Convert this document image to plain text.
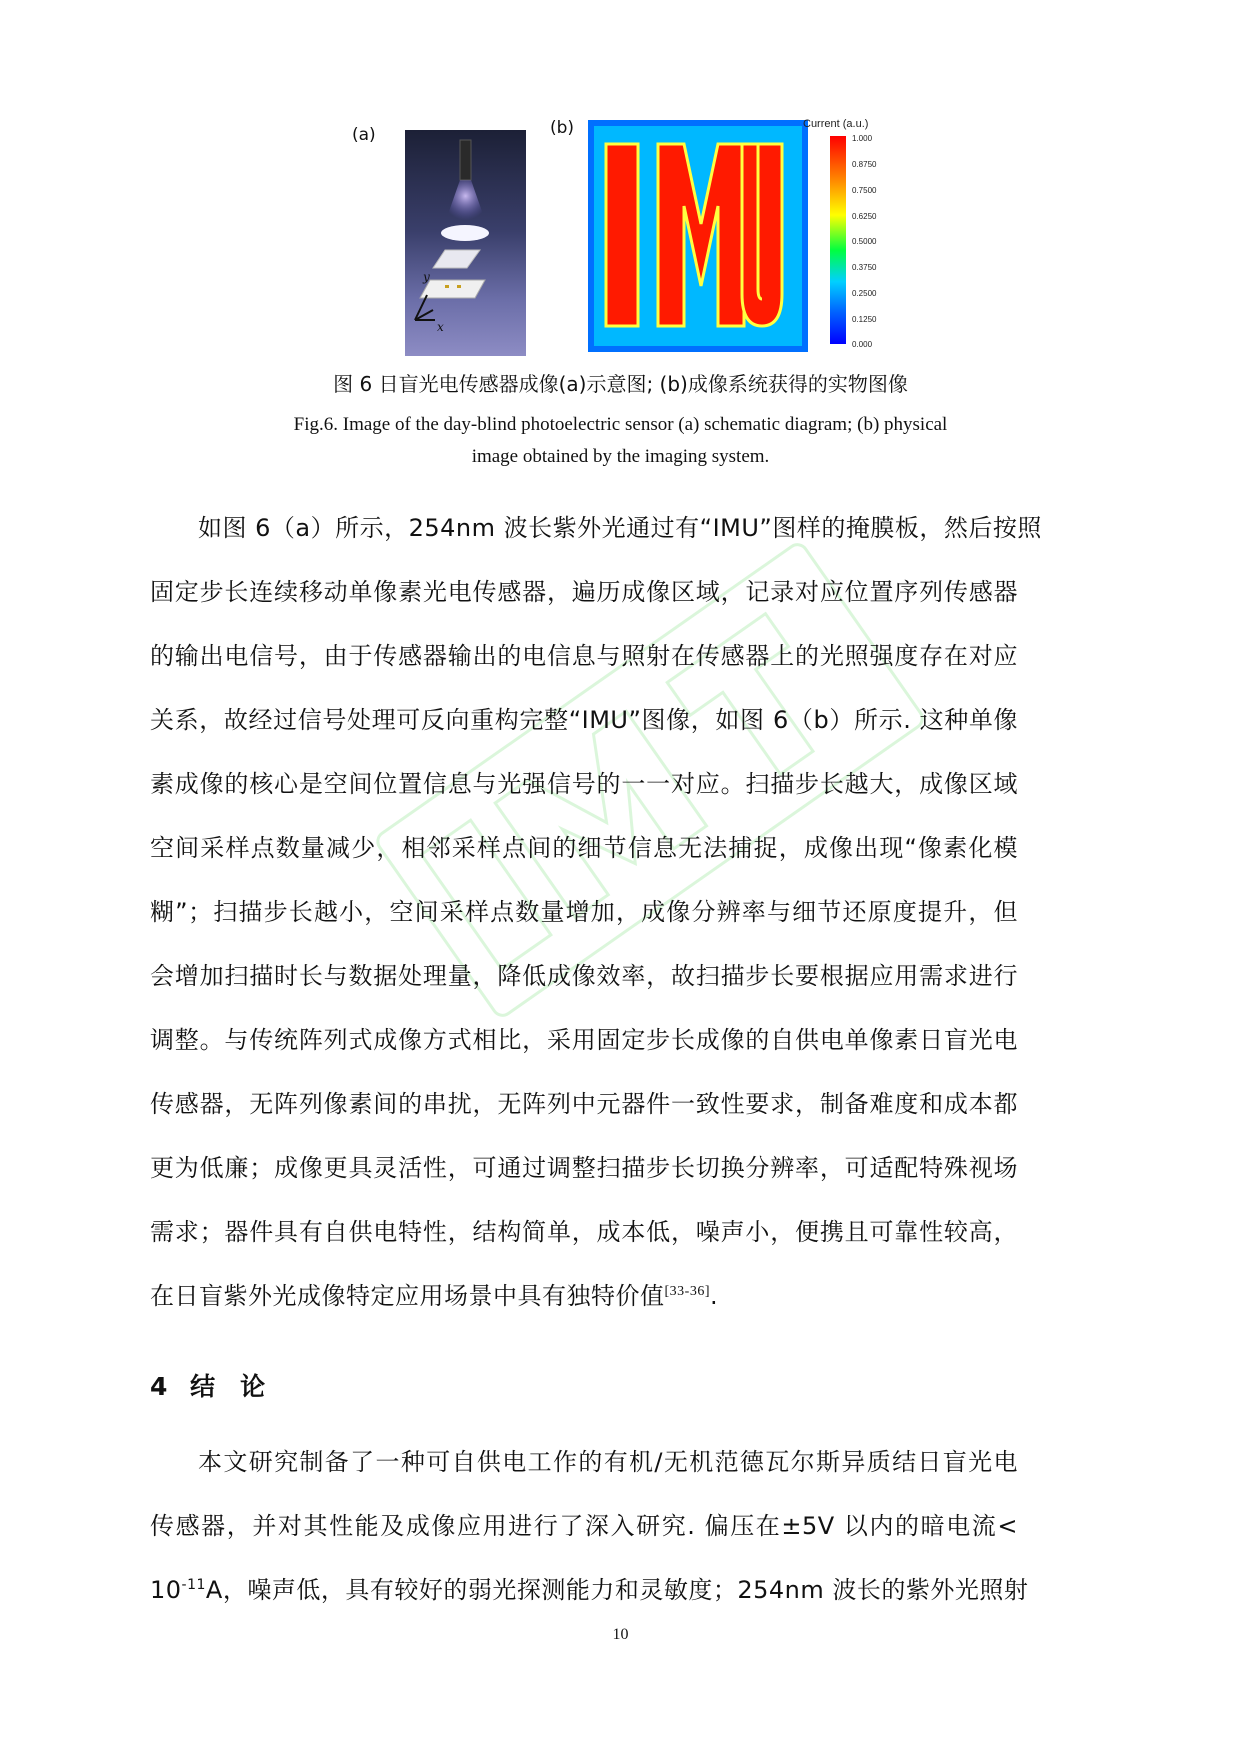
(a)
y
x
(b)	Current (a.u.)
1.000
0.8750
0.7500
0.6250
0.5000
0.3750
0.2500
0.1250
0.000
图 6 日盲光电传感器成像(a)示意图; (b)成像系统获得的实物图像
Fig.6. Image of the day-blind photoelectric sensor (a) schematic diagram; (b) physical
image obtained by the imaging system.
如图 6（a）所示，254nm 波长紫外光通过有“IMU”图样的掩膜板，然后按照
固定步长连续移动单像素光电传感器，遍历成像区域，记录对应位置序列传感器
的输出电信号，由于传感器输出的电信息与照射在传感器上的光照强度存在对应
关系，故经过信号处理可反向重构完整“IMU”图像，如图 6（b）所示. 这种单像
素成像的核心是空间位置信息与光强信号的一一对应。扫描步长越大，成像区域
空间采样点数量减少，相邻采样点间的细节信息无法捕捉，成像出现“像素化模
糊”；扫描步长越小，空间采样点数量增加，成像分辨率与细节还原度提升，但
会增加扫描时长与数据处理量，降低成像效率，故扫描步长要根据应用需求进行
调整。与传统阵列式成像方式相比，采用固定步长成像的自供电单像素日盲光电
传感器，无阵列像素间的串扰，无阵列中元器件一致性要求，制备难度和成本都
更为低廉；成像更具灵活性，可通过调整扫描步长切换分辨率，可适配特殊视场
需求；器件具有自供电特性，结构简单，成本低，噪声小，便携且可靠性较高，
在日盲紫外光成像特定应用场景中具有独特价值[33-36].
4 结　论
本文研究制备了一种可自供电工作的有机/无机范德瓦尔斯异质结日盲光电
传感器，并对其性能及成像应用进行了深入研究. 偏压在±5V 以内的暗电流<
$10^{-11}A$，噪声低，具有较好的弱光探测能力和灵敏度；254nm 波长的紫外光照射
10
